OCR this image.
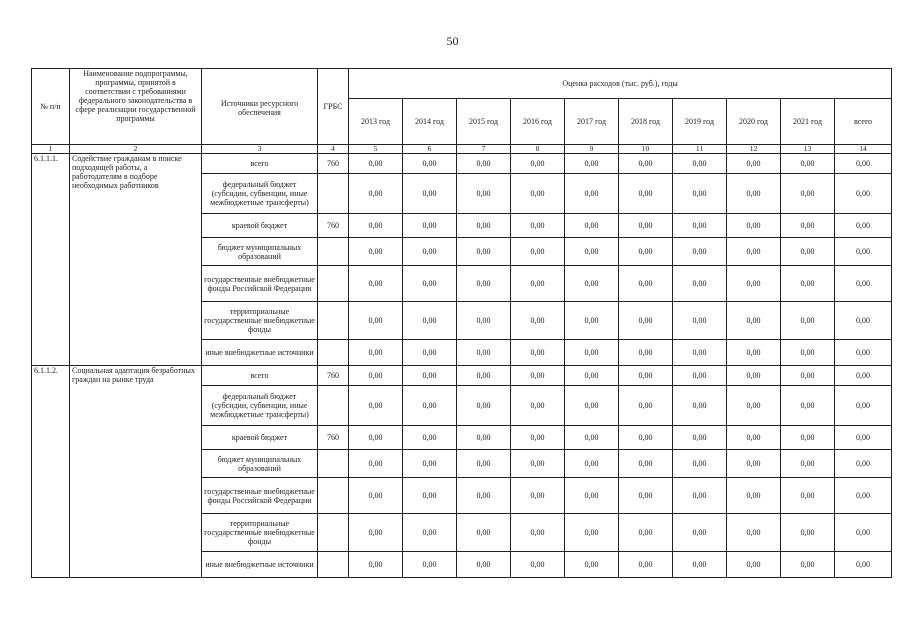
50
№ п/п	Наименование подпрограммы, программы, принятой в соответствии с требованиями федерального законодательства в сфере реализации государственной программы	Источники ресурсного обеспечения	ГРБС	Оценка расходов (тыс. руб.), годы									
				2013 год	2014 год	2015 год	2016 год	2017 год	2018 год	2019 год	2020 год	2021 год	всего
1	2	3	4	5	6	7	8	9	10	11	12	13	14
6.1.1.1.	Содействие гражданам в поиске подходящей работы, а работодателям в подборе необходимых работников	всего	760	0,00	0,00	0,00	0,00	0,00	0,00	0,00	0,00	0,00	0,00
		федеральный бюджет (субсидии, субвенции, иные межбюджетные трансферты)		0,00	0,00	0,00	0,00	0,00	0,00	0,00	0,00	0,00	0,00
		краевой бюджет	760	0,00	0,00	0,00	0,00	0,00	0,00	0,00	0,00	0,00	0,00
		бюджет муниципальных образований		0,00	0,00	0,00	0,00	0,00	0,00	0,00	0,00	0,00	0,00
		государственные внебюджетные фонды Российской Федерации		0,00	0,00	0,00	0,00	0,00	0,00	0,00	0,00	0,00	0,00
		территориальные государственные внебюджетные фонды		0,00	0,00	0,00	0,00	0,00	0,00	0,00	0,00	0,00	0,00
		иные внебюджетные источники		0,00	0,00	0,00	0,00	0,00	0,00	0,00	0,00	0,00	0,00
6.1.1.2.	Социальная адаптация безработных граждан на рынке труда	всего	760	0,00	0,00	0,00	0,00	0,00	0,00	0,00	0,00	0,00	0,00
		федеральный бюджет (субсидии, субвенции, иные межбюджетные трансферты)		0,00	0,00	0,00	0,00	0,00	0,00	0,00	0,00	0,00	0,00
		краевой бюджет	760	0,00	0,00	0,00	0,00	0,00	0,00	0,00	0,00	0,00	0,00
		бюджет муниципальных образований		0,00	0,00	0,00	0,00	0,00	0,00	0,00	0,00	0,00	0,00
		государственные внебюджетные фонды Российской Федерации		0,00	0,00	0,00	0,00	0,00	0,00	0,00	0,00	0,00	0,00
		территориальные государственные внебюджетные фонды		0,00	0,00	0,00	0,00	0,00	0,00	0,00	0,00	0,00	0,00
		иные внебюджетные источники		0,00	0,00	0,00	0,00	0,00	0,00	0,00	0,00	0,00	0,00
